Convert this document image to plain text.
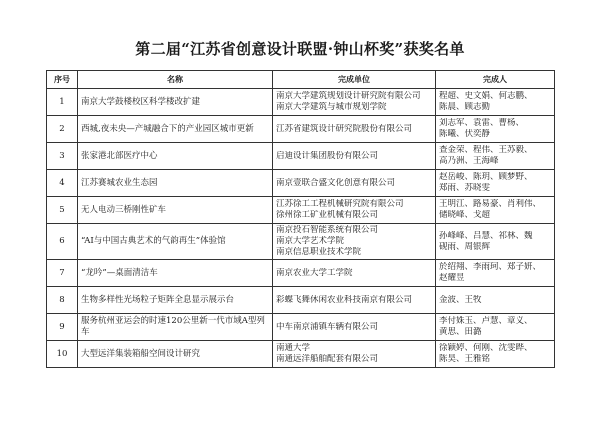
第二届“江苏省创意设计联盟·钟山杯奖”获奖名单
序号	名称	完成单位	完成人
1	南京大学鼓楼校区科学楼改扩建	南京大学建筑规划设计研究院有限公司
南京大学建筑与城市规划学院	程超、史文娟、何志鹏、
陈晨、顾志勤

2	西城,夜未央—产城融合下的产业园区城市更新	江苏省建筑设计研究院股份有限公司	刘志军、袁雷、曹杨、
陈曦、伏奕静

3	张家港北部医疗中心	启迪设计集团股份有限公司	查金荣、程伟、王苏毅、
高乃洲、王海峰

4	江苏赛城农业生态园	南京壹联合盛文化创意有限公司	赵岳峻、陈玥、顾梦野、
郑雨、苏晓雯

5	无人电动三桥刚性矿车	江苏徐工工程机械研究院有限公司
徐州徐工矿业机械有限公司	王明江、路易豪、肖利伟、
储晓峰、戈超

6	“AI与中国古典艺术的气韵再生”体验馆	南京投石智能系统有限公司
南京大学艺术学院
南京信息职业技术学院	孙峰峰、吕慧、祁林、魏
砚雨、周银辉

7	“龙吟”—桌面清洁车	南京农业大学工学院	於绍翔、李雨珂、郑子妍、
赵耀昱

8	生物多样性光场粒子矩阵全息显示展示台	彩蝶飞舞休闲农业科技南京有限公司	金波、王牧

9	服务杭州亚运会的时速120公里新一代市域A型列车	中车南京浦镇车辆有限公司	李付姝玉、卢慧、章义、
黄思、田潞

10	大型远洋集装箱船空间设计研究	南通大学
南通远洋船舶配套有限公司	徐颖婷、何刚、沈雯晔、
陈昊、王雅铭
